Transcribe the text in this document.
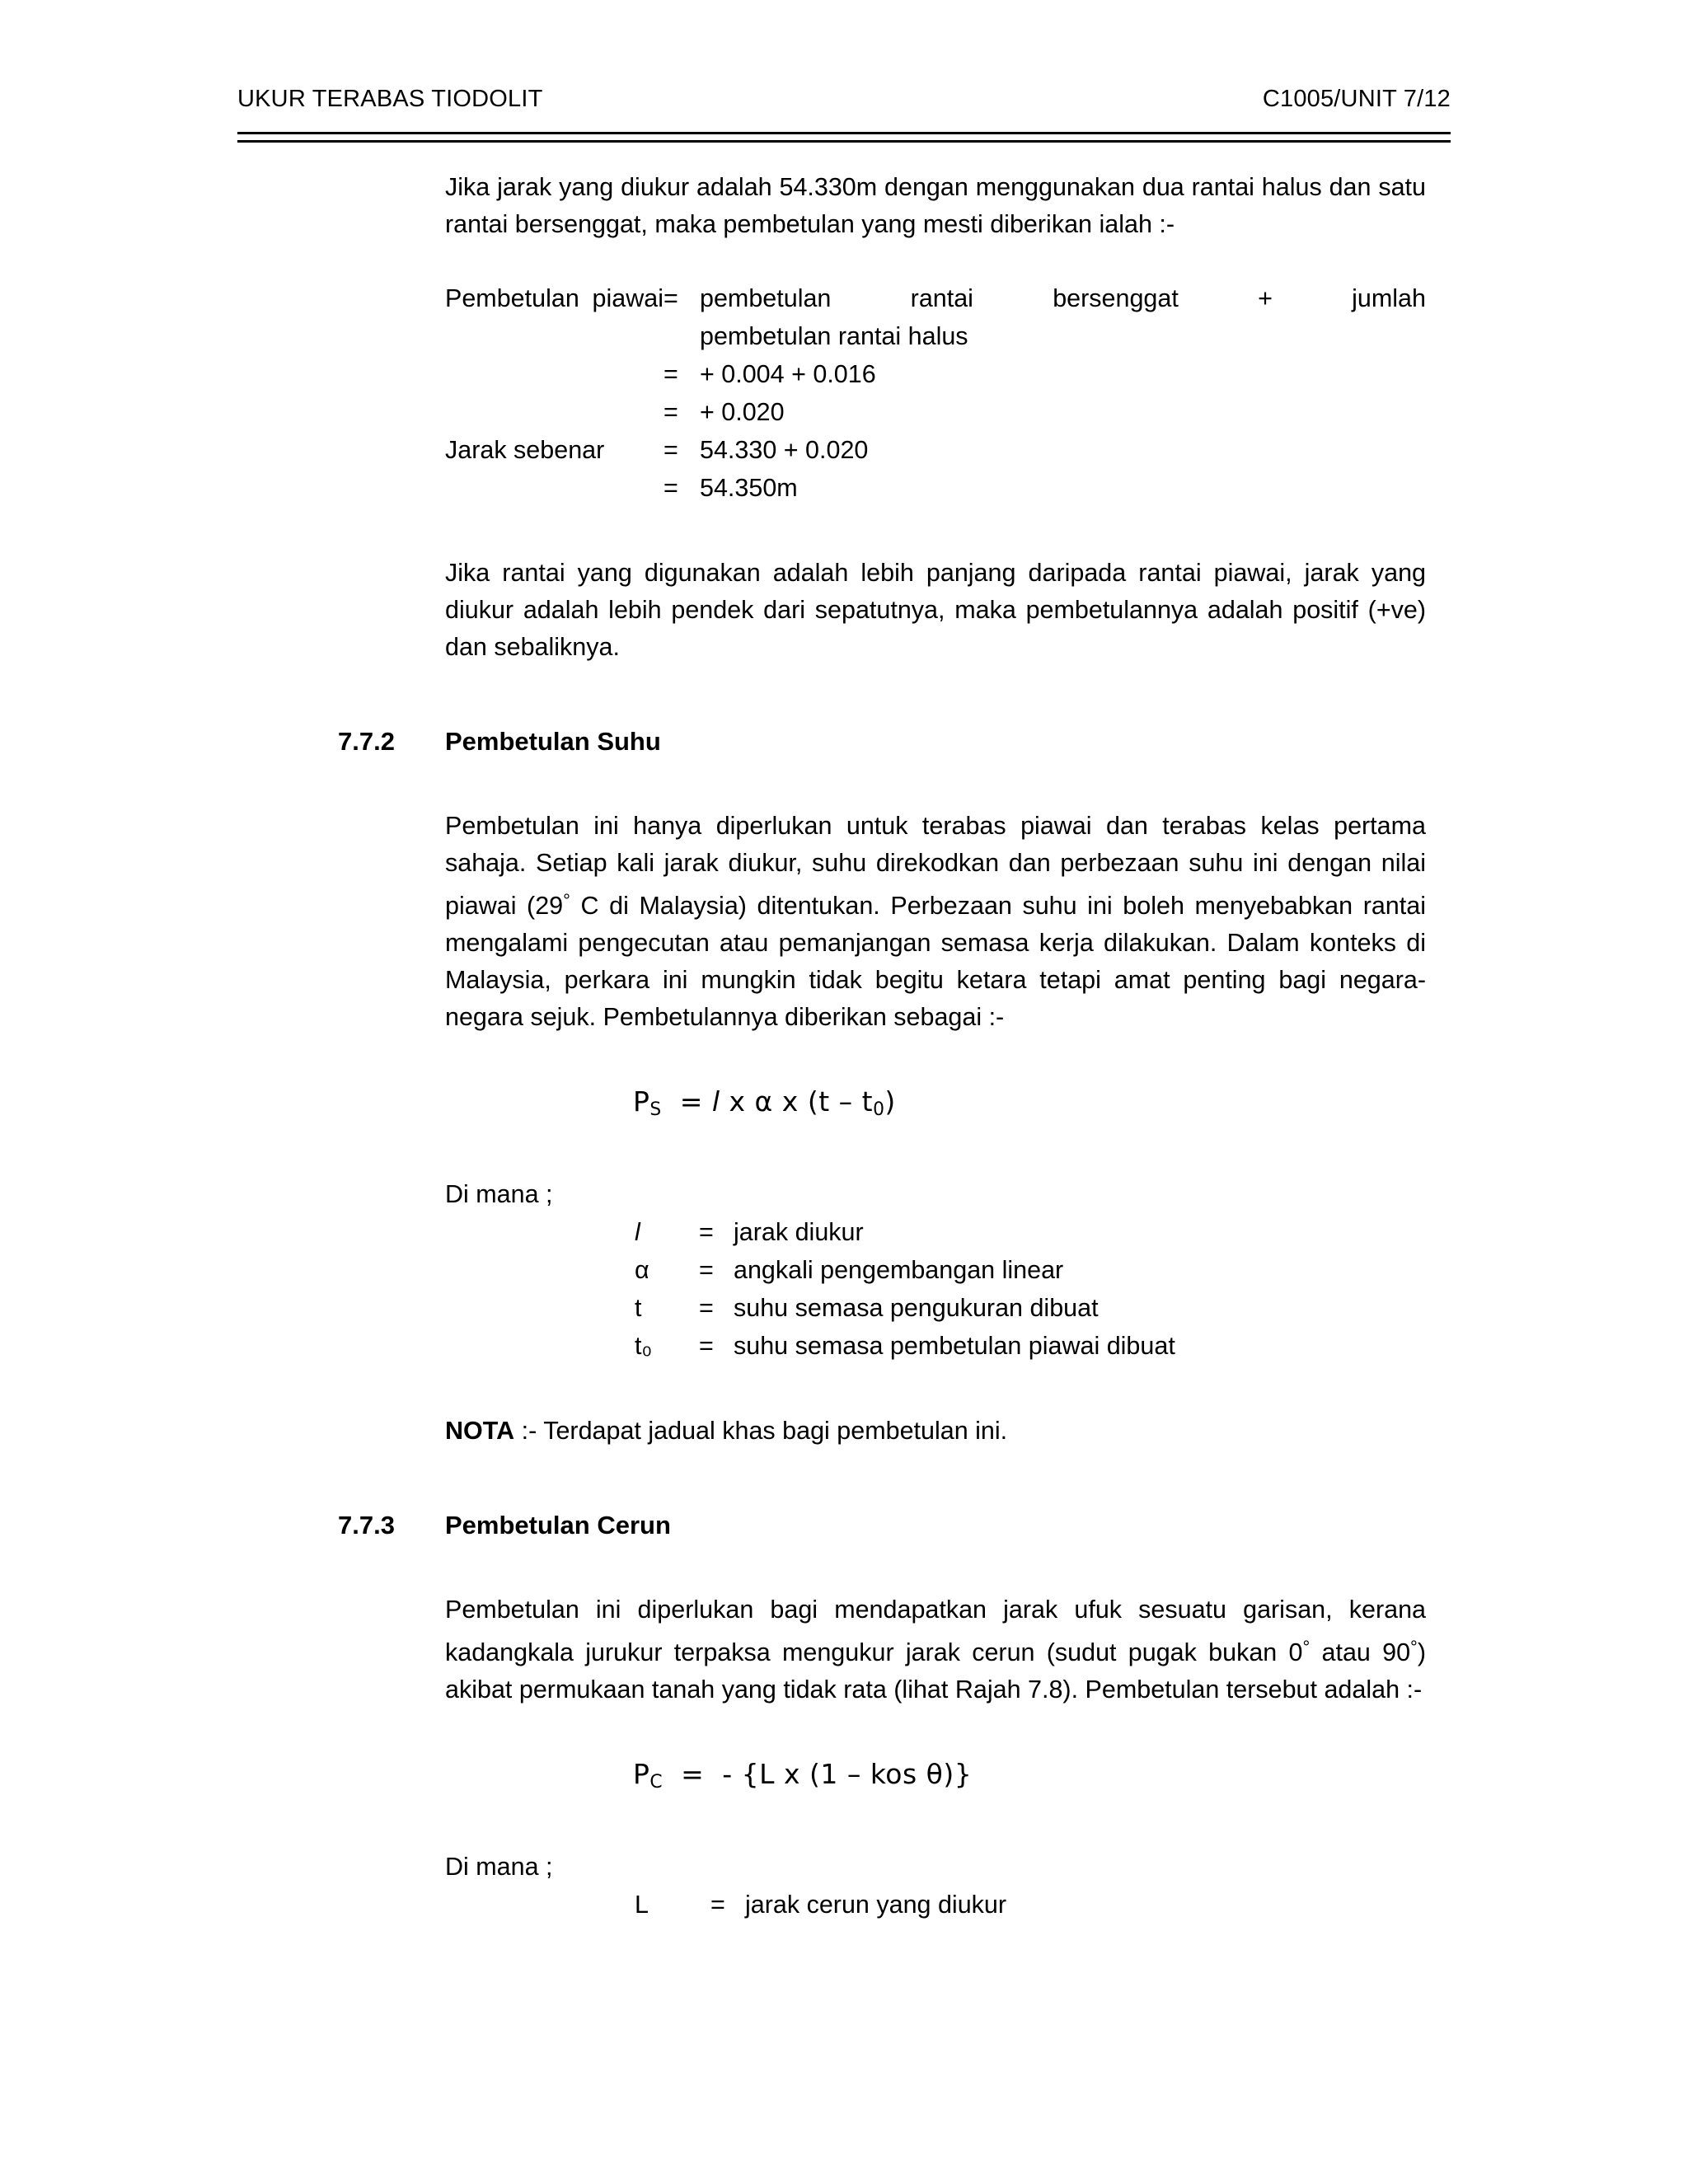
UKUR TERABAS TIODOLIT	C1005/UNIT 7/12

Jika jarak yang diukur adalah 54.330m dengan menggunakan dua rantai halus dan satu rantai bersenggat, maka pembetulan yang mesti diberikan ialah :-

Pembetulan piawai = pembetulan	rantai	bersenggat	+	jumlah
pembetulan rantai halus
= + 0.004 + 0.016
= + 0.020
Jarak sebenar	= 54.330 + 0.020
= 54.350m

Jika rantai yang digunakan adalah lebih panjang daripada rantai piawai, jarak yang diukur adalah lebih pendek dari sepatutnya, maka pembetulannya adalah positif (+ve) dan sebaliknya.

7.7.2	Pembetulan Suhu

Pembetulan ini hanya diperlukan untuk terabas piawai dan terabas kelas pertama sahaja. Setiap kali jarak diukur, suhu direkodkan dan perbezaan suhu ini dengan nilai piawai (29° C di Malaysia) ditentukan. Perbezaan suhu ini boleh menyebabkan rantai mengalami pengecutan atau pemanjangan semasa kerja dilakukan. Dalam konteks di Malaysia, perkara ini mungkin tidak begitu ketara tetapi amat penting bagi negara-negara sejuk. Pembetulannya diberikan sebagai :-

$P_S = l$ x α x $(t - t_0)$
Di mana ;
l	= jarak diukur
α	= angkali pengembangan linear
t	= suhu semasa pengukuran dibuat
t₀	= suhu semasa pembetulan piawai dibuat
NOTA :- Terdapat jadual khas bagi pembetulan ini.
7.7.3	Pembetulan Cerun

Pembetulan ini diperlukan bagi mendapatkan jarak ufuk sesuatu garisan, kerana kadangkala jurukur terpaksa mengukur jarak cerun (sudut pugak bukan 0° atau 90°) akibat permukaan tanah yang tidak rata (lihat Rajah 7.8). Pembetulan tersebut adalah :-

$P_C$ = - {L x (1 – kos θ)}
Di mana ;
L	= jarak cerun yang diukur
